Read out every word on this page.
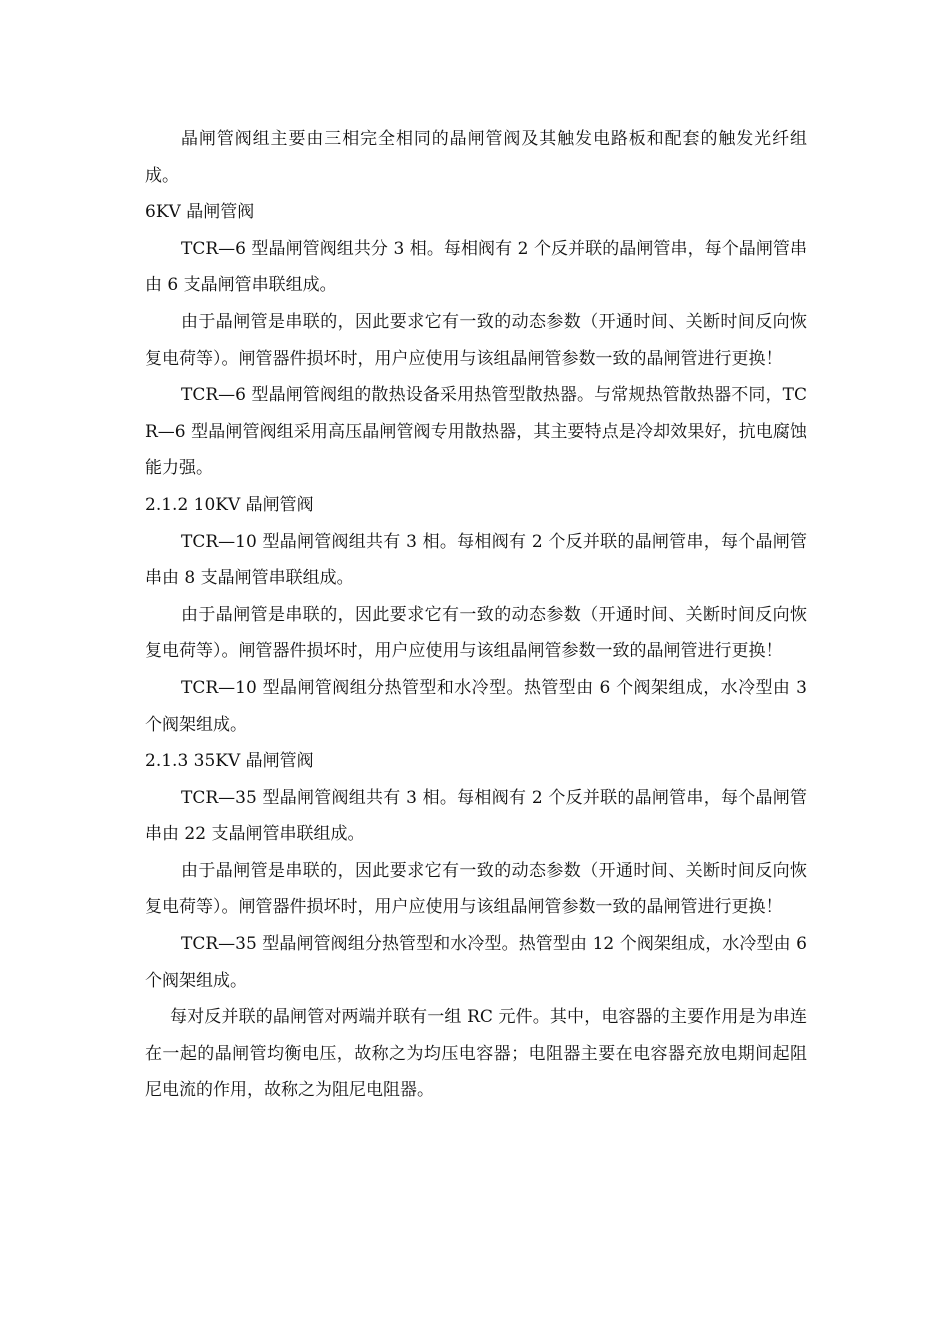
晶闸管阀组主要由三相完全相同的晶闸管阀及其触发电路板和配套的触发光纤组成。

6KV 晶闸管阀

TCR—6 型晶闸管阀组共分 3 相。每相阀有 2 个反并联的晶闸管串，每个晶闸管串由 6 支晶闸管串联组成。

由于晶闸管是串联的，因此要求它有一致的动态参数（开通时间、关断时间反向恢复电荷等）。闸管器件损坏时，用户应使用与该组晶闸管参数一致的晶闸管进行更换！

TCR—6 型晶闸管阀组的散热设备采用热管型散热器。与常规热管散热器不同，TCR—6 型晶闸管阀组采用高压晶闸管阀专用散热器，其主要特点是冷却效果好，抗电腐蚀能力强。

2.1.2 10KV 晶闸管阀

TCR—10 型晶闸管阀组共有 3 相。每相阀有 2 个反并联的晶闸管串，每个晶闸管串由 8 支晶闸管串联组成。

由于晶闸管是串联的，因此要求它有一致的动态参数（开通时间、关断时间反向恢复电荷等）。闸管器件损坏时，用户应使用与该组晶闸管参数一致的晶闸管进行更换！

TCR—10 型晶闸管阀组分热管型和水冷型。热管型由 6 个阀架组成，水冷型由 3 个阀架组成。

2.1.3 35KV 晶闸管阀

TCR—35 型晶闸管阀组共有 3 相。每相阀有 2 个反并联的晶闸管串，每个晶闸管串由 22 支晶闸管串联组成。

由于晶闸管是串联的，因此要求它有一致的动态参数（开通时间、关断时间反向恢复电荷等）。闸管器件损坏时，用户应使用与该组晶闸管参数一致的晶闸管进行更换！

TCR—35 型晶闸管阀组分热管型和水冷型。热管型由 12 个阀架组成，水冷型由 6 个阀架组成。

每对反并联的晶闸管对两端并联有一组 RC 元件。其中，电容器的主要作用是为串连在一起的晶闸管均衡电压，故称之为均压电容器；电阻器主要在电容器充放电期间起阻尼电流的作用，故称之为阻尼电阻器。
